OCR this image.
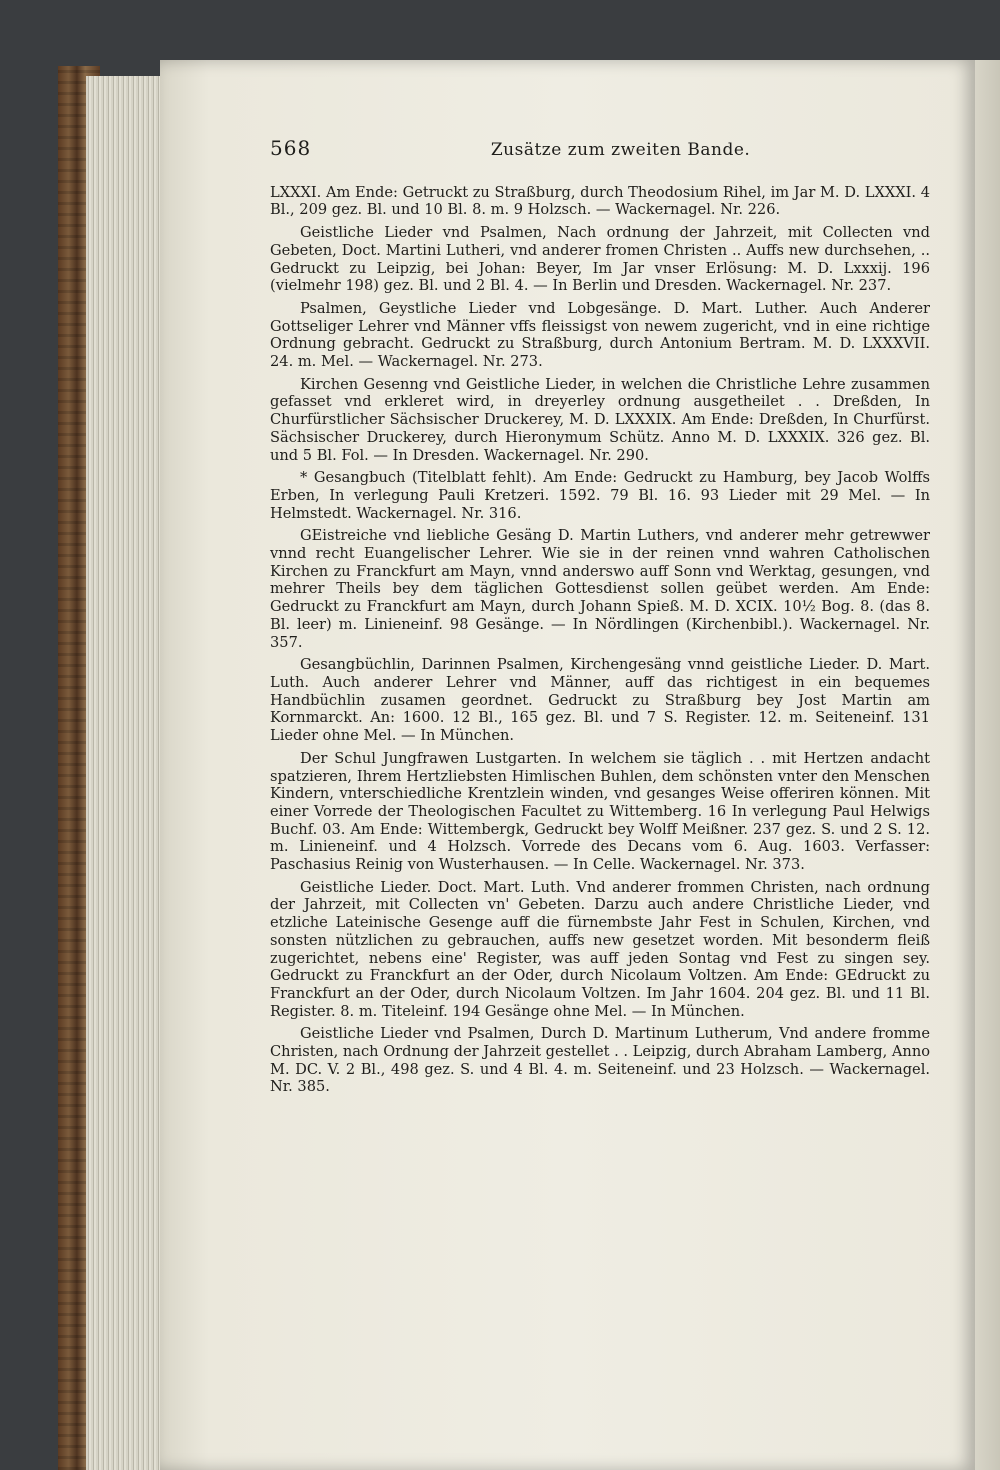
568	Zusätze zum zweiten Bande.

LXXXI. Am Ende: Getruckt zu Straßburg, durch Theodosium Rihel, im Jar M. D. LXXXI. 4 Bl., 209 gez. Bl. und 10 Bl. 8. m. 9 Holzsch. — Wackernagel. Nr. 226.

Geistliche Lieder vnd Psalmen, Nach ordnung der Jahrzeit, mit Collecten vnd Gebeten, Doct. Martini Lutheri, vnd anderer fromen Christen .. Auffs new durchsehen, .. Gedruckt zu Leipzig, bei Johan: Beyer, Im Jar vnser Erlösung: M. D. Lxxxij. 196 (vielmehr 198) gez. Bl. und 2 Bl. 4. — In Berlin und Dresden. Wackernagel. Nr. 237.

Psalmen, Geystliche Lieder vnd Lobgesänge. D. Mart. Luther. Auch Anderer Gottseliger Lehrer vnd Männer vffs fleissigst von newem zugericht, vnd in eine richtige Ordnung gebracht. Gedruckt zu Straßburg, durch Antonium Bertram. M. D. LXXXVII. 24. m. Mel. — Wackernagel. Nr. 273.

Kirchen Gesenng vnd Geistliche Lieder, in welchen die Christliche Lehre zusammen gefasset vnd erkleret wird, in dreyerley ordnung ausgetheilet . . Dreßden, In Churfürstlicher Sächsischer Druckerey, M. D. LXXXIX. Am Ende: Dreßden, In Churfürst. Sächsischer Druckerey, durch Hieronymum Schütz. Anno M. D. LXXXIX. 326 gez. Bl. und 5 Bl. Fol. — In Dresden. Wackernagel. Nr. 290.

* Gesangbuch (Titelblatt fehlt). Am Ende: Gedruckt zu Hamburg, bey Jacob Wolffs Erben, In verlegung Pauli Kretzeri. 1592. 79 Bl. 16. 93 Lieder mit 29 Mel. — In Helmstedt. Wackernagel. Nr. 316.

GEistreiche vnd liebliche Gesäng D. Martin Luthers, vnd anderer mehr getrewwer vnnd recht Euangelischer Lehrer. Wie sie in der reinen vnnd wahren Catholischen Kirchen zu Franckfurt am Mayn, vnnd anderswo auff Sonn vnd Werktag, gesungen, vnd mehrer Theils bey dem täglichen Gottesdienst sollen geübet werden. Am Ende: Gedruckt zu Franckfurt am Mayn, durch Johann Spieß. M. D. XCIX. 10½ Bog. 8. (das 8. Bl. leer) m. Linieneinf. 98 Gesänge. — In Nördlingen (Kirchenbibl.). Wackernagel. Nr. 357.

Gesangbüchlin, Darinnen Psalmen, Kirchengesäng vnnd geistliche Lieder. D. Mart. Luth. Auch anderer Lehrer vnd Männer, auff das richtigest in ein bequemes Handbüchlin zusamen geordnet. Gedruckt zu Straßburg bey Jost Martin am Kornmarckt. An: 1600. 12 Bl., 165 gez. Bl. und 7 S. Register. 12. m. Seiteneinf. 131 Lieder ohne Mel. — In München.

Der Schul Jungfrawen Lustgarten. In welchem sie täglich . . mit Hertzen andacht spatzieren, Ihrem Hertzliebsten Himlischen Buhlen, dem schönsten vnter den Menschen Kindern, vnterschiedliche Krentzlein winden, vnd gesanges Weise offeriren können. Mit einer Vorrede der Theologischen Facultet zu Wittemberg. 16 In verlegung Paul Helwigs Buchf. 03. Am Ende: Wittembergk, Gedruckt bey Wolff Meißner. 237 gez. S. und 2 S. 12. m. Linieneinf. und 4 Holzsch. Vorrede des Decans vom 6. Aug. 1603. Verfasser: Paschasius Reinig von Wusterhausen. — In Celle. Wackernagel. Nr. 373.

Geistliche Lieder. Doct. Mart. Luth. Vnd anderer frommen Christen, nach ordnung der Jahrzeit, mit Collecten vn' Gebeten. Darzu auch andere Christliche Lieder, vnd etzliche Lateinische Gesenge auff die fürnembste Jahr Fest in Schulen, Kirchen, vnd sonsten nützlichen zu gebrauchen, auffs new gesetzet worden. Mit besonderm fleiß zugerichtet, nebens eine' Register, was auff jeden Sontag vnd Fest zu singen sey. Gedruckt zu Franckfurt an der Oder, durch Nicolaum Voltzen. Am Ende: GEdruckt zu Franckfurt an der Oder, durch Nicolaum Voltzen. Im Jahr 1604. 204 gez. Bl. und 11 Bl. Register. 8. m. Titeleinf. 194 Gesänge ohne Mel. — In München.

Geistliche Lieder vnd Psalmen, Durch D. Martinum Lutherum, Vnd andere fromme Christen, nach Ordnung der Jahrzeit gestellet . . Leipzig, durch Abraham Lamberg, Anno M. DC. V. 2 Bl., 498 gez. S. und 4 Bl. 4. m. Seiteneinf. und 23 Holzsch. — Wackernagel. Nr. 385.
